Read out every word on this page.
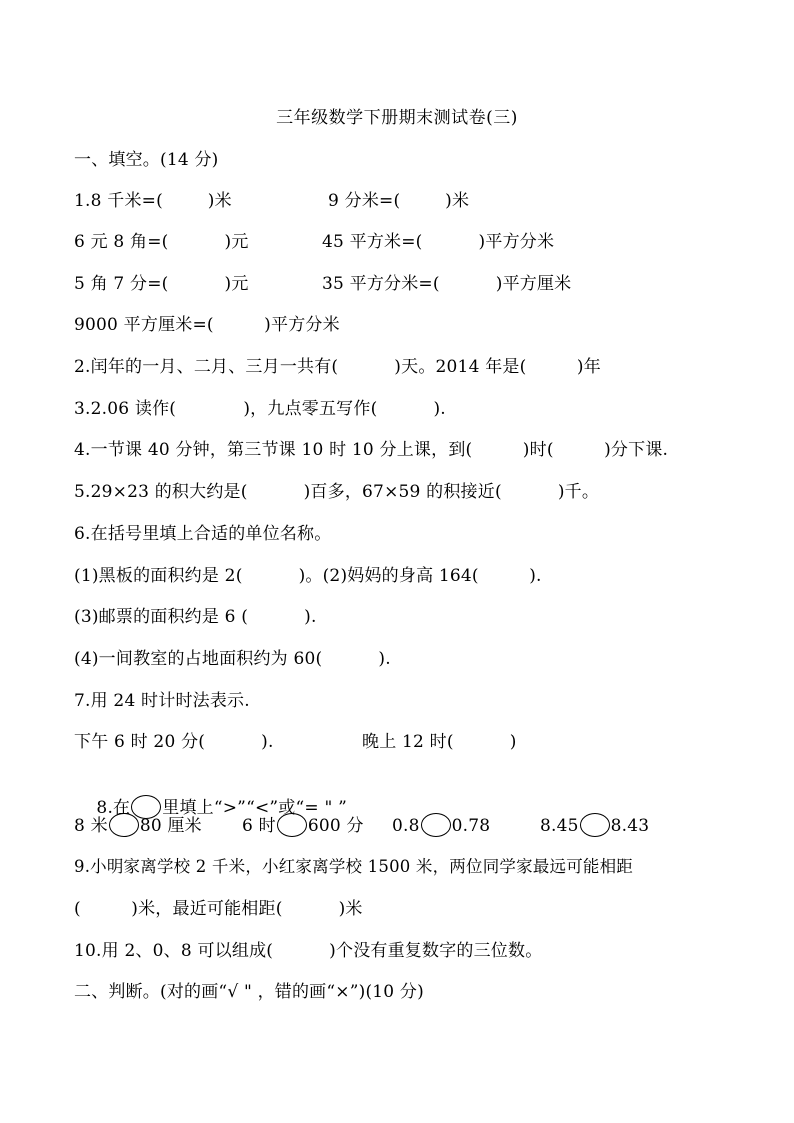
三年级数学下册期末测试卷(三)
一、填空。(14 分)

1.8 千米=(        )米

	9 分米=(        )米

6 元 8 角=(          )元

	45 平方米=(          )平方分米

5 角 7 分=(          )元

	35 平方分米=(          )平方厘米

9000 平方厘米=(         )平方分米
2.闰年的一月、二月、三月一共有(          )天。2014 年是(         )年
3.2.06 读作(            )，九点零五写作(          ).
4.一节课 40 分钟，第三节课 10 时 10 分上课，到(         )时(         )分下课.
5.29×23 的积大约是(          )百多，67×59 的积接近(          )千。
6.在括号里填上合适的单位名称。
(1)黑板的面积约是 2(          )。(2)妈妈的身高 164(         ).
(3)邮票的面积约是 6 (          ).
(4)一间教室的占地面积约为 60(          ).
7.用 24 时计时法表示.

下午 6 时 20 分(          ).

	晚上 12 时(          )

8.在 里填上“>”“<”或“= " ”

8 米 80 厘米

6 时 600 分

0.8 0.78

	8.45 8.43

9.小明家离学校 2 千米，小红家离学校 1500 米，两位同学家最远可能相距
(         )米，最近可能相距(          )米
10.用 2、0、8 可以组成(          )个没有重复数字的三位数。
二、判断。(对的画“√ " ，错的画“×”)(10 分)
